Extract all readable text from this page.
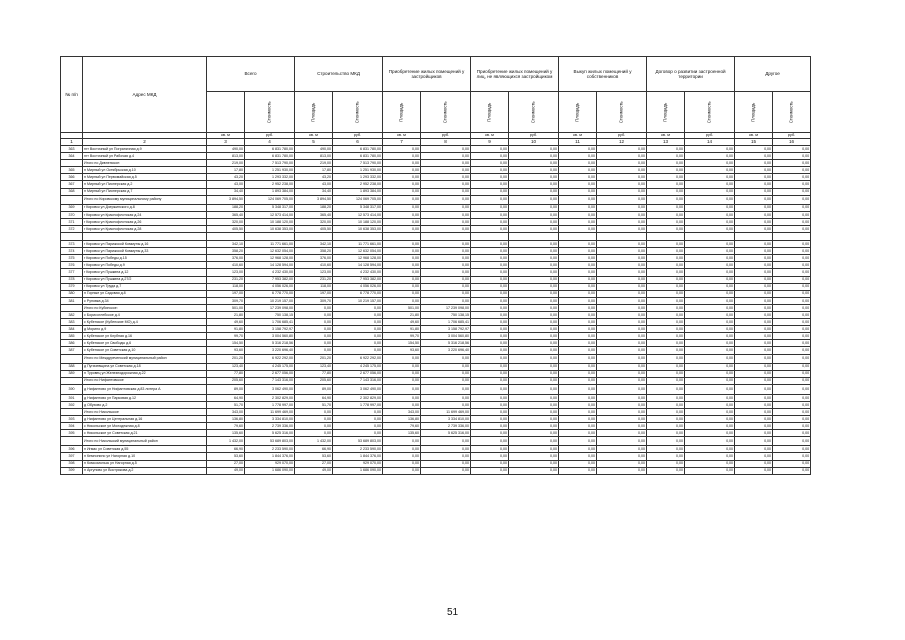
№ п/п	Адрес МКД	Всего		Строительство МКД		Приобретение жилых помещений у застройщиков		Приобретение жилых помещений у лиц, не являющихся застройщиком		Выкуп жилых помещений у собственников		Договор о развитии застроенной территории		Другое	
	Стоимость	Площадь	Стоимость	Площадь	Стоимость	Площадь	Стоимость	Площадь	Стоимость	Площадь	Стоимость	Площадь	Стоимость
		кв. м	руб.	кв. м	руб.	кв. м	руб.	кв. м	руб.	кв. м	руб.	кв. м	руб.	кв. м	руб.
1	2	3	4	5	6	7	8	9	10	11	12	13	14	15	16
363	пгт Восточный ул Пограничная д.9	490,00	6 831 780,00	490,00	6 831 780,00	0,00	0,00	0,00	0,00	0,00	0,00	0,00	0,00	0,00	0,00
364	пгт Восточный ул Рабочая д.4	813,00	6 831 780,00	813,00	6 831 780,00	0,00	0,00	0,00	0,00	0,00	0,00	0,00	0,00	0,00	0,00
	Итого по Дивненское:	219,00	7 513 790,00	219,00	7 513 790,00	0,00	0,00	0,00	0,00	0,00	0,00	0,00	0,00	0,00	0,00
365	п Мирный ул Октябрьская д.10	17,80	1 251 930,00	17,80	1 251 930,00	0,00	0,00	0,00	0,00	0,00	0,00	0,00	0,00	0,00	0,00
366	п Мирный ул Первомайская д.5	43,20	1 293 332,00	43,20	1 293 332,00	0,00	0,00	0,00	0,00	0,00	0,00	0,00	0,00	0,00	0,00
367	п Мирный ул Пионерская д.2	43,00	2 952 238,00	43,00	2 952 238,00	0,00	0,00	0,00	0,00	0,00	0,00	0,00	0,00	0,00	0,00
368	п Мирный ул Пионерская д.7	34,40	1 893 384,00	34,40	1 893 384,00	0,00	0,00	0,00	0,00	0,00	0,00	0,00	0,00	0,00	0,00
	Итого по Кировскому муниципальному району	3 894,50	124 069 705,00	3 894,50	124 069 705,00	0,00	0,00	0,00	0,00	0,00	0,00	0,00	0,00	0,00	0,00
369	г Кировск ул Дзержинского д.8	188,20	5 348 317,00	188,20	5 348 317,00	0,00	0,00	0,00	0,00	0,00	0,00	0,00	0,00	0,00	0,00
370	г Кировск ул Краснофлотская д.24	365,40	12 573 414,00	365,40	12 573 414,00	0,00	0,00	0,00	0,00	0,00	0,00	0,00	0,00	0,00	0,00
371	г Кировск ул Краснофлотская д.26	320,00	10 188 120,00	320,00	10 188 120,00	0,00	0,00	0,00	0,00	0,00	0,00	0,00	0,00	0,00	0,00
372	г Кировск ул Краснофлотская д.28	405,50	10 638 353,00	405,50	10 638 353,00	0,00	0,00	0,00	0,00	0,00	0,00	0,00	0,00	0,00	0,00

373	г Кировск ул Парижской Коммуны д.16	342,10	11 771 661,00	342,10	11 771 661,00	0,00	0,00	0,00	0,00	0,00	0,00	0,00	0,00	0,00	0,00
374	г Кировск ул Парижской Коммуны д.33	358,20	12 632 054,00	358,20	12 632 054,00	0,00	0,00	0,00	0,00	0,00	0,00	0,00	0,00	0,00	0,00
375	г Кировск ул Победы д.15	376,00	12 968 128,00	376,00	12 968 128,00	0,00	0,00	0,00	0,00	0,00	0,00	0,00	0,00	0,00	0,00
376	г Кировск ул Победы д.9	410,60	14 128 594,00	410,60	14 128 594,00	0,00	0,00	0,00	0,00	0,00	0,00	0,00	0,00	0,00	0,00
377	г Кировск ул Пушкина д.12	123,00	4 232 430,00	123,00	4 232 430,00	0,00	0,00	0,00	0,00	0,00	0,00	0,00	0,00	0,00	0,00
378	г Кировск ул Пушкина д.27/2	231,20	7 953 382,00	231,20	7 953 382,00	0,00	0,00	0,00	0,00	0,00	0,00	0,00	0,00	0,00	0,00
379	г Кировск ул Труда д.7	118,00	4 056 026,00	118,00	4 056 026,00	0,00	0,00	0,00	0,00	0,00	0,00	0,00	0,00	0,00	0,00
380	п Горные ул Садовая д.8	197,00	6 778 770,00	197,00	6 778 770,00	0,00	0,00	0,00	0,00	0,00	0,00	0,00	0,00	0,00	0,00
381	с Руновка д.34	309,70	10 219 157,00	309,70	10 219 157,00	0,00	0,00	0,00	0,00	0,00	0,00	0,00	0,00	0,00	0,00
	Итого по Кубинское:	501,00	17 239 098,00	0,00	0,00	501,00	17 239 098,00	0,00	0,00	0,00	0,00	0,00	0,00	0,00	0,00
382	с Борисоглебское д.4	21,80	750 138,15	0,00	0,00	21,80	750 138,15	0,00	0,00	0,00	0,00	0,00	0,00	0,00	0,00
383	с Кубенское (Кубенские МО) д.4	49,60	1 706 685,41	0,00	0,00	49,60	1 706 685,41	0,00	0,00	0,00	0,00	0,00	0,00	0,00	0,00
384	д Морино д.9	91,80	3 158 792,97	0,00	0,00	91,80	3 158 792,97	0,00	0,00	0,00	0,00	0,00	0,00	0,00	0,00
385	с Кубенское ул Клубная д.16	99,70	3 004 560,80	0,00	0,00	99,70	3 004 560,80	0,00	0,00	0,00	0,00	0,00	0,00	0,00	0,00
386	с Кубенское ул Свободы д.6	154,50	5 316 218,56	0,00	0,00	154,50	5 316 218,56	0,00	0,00	0,00	0,00	0,00	0,00	0,00	0,00
387	с Кубенское ул Советская д.10	93,60	3 220 696,40	0,00	0,00	93,60	3 220 696,40	0,00	0,00	0,00	0,00	0,00	0,00	0,00	0,00
	Итого по Междуреченский муниципальный район	201,20	6 922 292,00	201,20	6 922 292,00	0,00	0,00	0,00	0,00	0,00	0,00	0,00	0,00	0,00	0,00
388	д Пугачевщина ул Советская д.18	123,40	4 245 175,00	123,40	4 245 175,00	0,00	0,00	0,00	0,00	0,00	0,00	0,00	0,00	0,00	0,00
389	п Туровец ул Железнодорожная д.22	77,80	2 677 056,00	77,80	2 677 056,00	0,00	0,00	0,00	0,00	0,00	0,00	0,00	0,00	0,00	0,00
	Итого по Нифантовское	205,60	7 143 316,00	205,60	7 143 316,00	0,00	0,00	0,00	0,00	0,00	0,00	0,00	0,00	0,00	0,00
390	д Нифантово ул Нифантовская д.83 литера А	89,00	3 062 490,00	89,00	3 062 490,00	0,00	0,00	0,00	0,00	0,00	0,00	0,00	0,00	0,00	0,00
391	д Нифантово ул Парковая д.12	64,90	2 302 829,00	64,90	2 302 829,00	0,00	0,00	0,00	0,00	0,00	0,00	0,00	0,00	0,00	0,00
392	д Обухово д.2	51,70	1 778 997,00	51,70	1 778 997,00	0,00	0,00	0,00	0,00	0,00	0,00	0,00	0,00	0,00	0,00
	Итого по Никольское	343,00	11 699 469,00	0,00	0,00	343,00	11 699 469,00	0,00	0,00	0,00	0,00	0,00	0,00	0,00	0,00
393	д Нифантово ул Центральная д.16	136,80	3 334 810,00	0,00	0,00	136,80	3 334 810,00	0,00	0,00	0,00	0,00	0,00	0,00	0,00	0,00
394	с Никольское ул Молодежная д.8	79,60	2 739 336,00	0,00	0,00	79,60	2 739 336,00	0,00	0,00	0,00	0,00	0,00	0,00	0,00	0,00
395	с Никольское ул Советская д.21	135,60	5 625 316,00	0,00	0,00	135,60	5 625 316,00	0,00	0,00	0,00	0,00	0,00	0,00	0,00	0,00
	Итого по Никольский муниципальный район	1 432,00	53 689 803,00	1 432,00	53 689 803,00	0,00	0,00	0,00	0,00	0,00	0,00	0,00	0,00	0,00	0,00
396	п Игмас ул Советская д.55	66,90	2 233 590,00	66,90	2 233 590,00	0,00	0,00	0,00	0,00	0,00	0,00	0,00	0,00	0,00	0,00
397	п Кемпонино ул Нагорная д.10	53,60	1 844 376,00	53,60	1 844 376,00	0,00	0,00	0,00	0,00	0,00	0,00	0,00	0,00	0,00	0,00
398	п Комсомольск ул Нагорная д.5	27,00	929 070,00	27,00	929 070,00	0,00	0,00	0,00	0,00	0,00	0,00	0,00	0,00	0,00	0,00
399	п Аргуново ул Вострякова д.2	49,00	1 686 090,00	49,00	1 686 090,00	0,00	0,00	0,00	0,00	0,00	0,00	0,00	0,00	0,00	0,00
51
